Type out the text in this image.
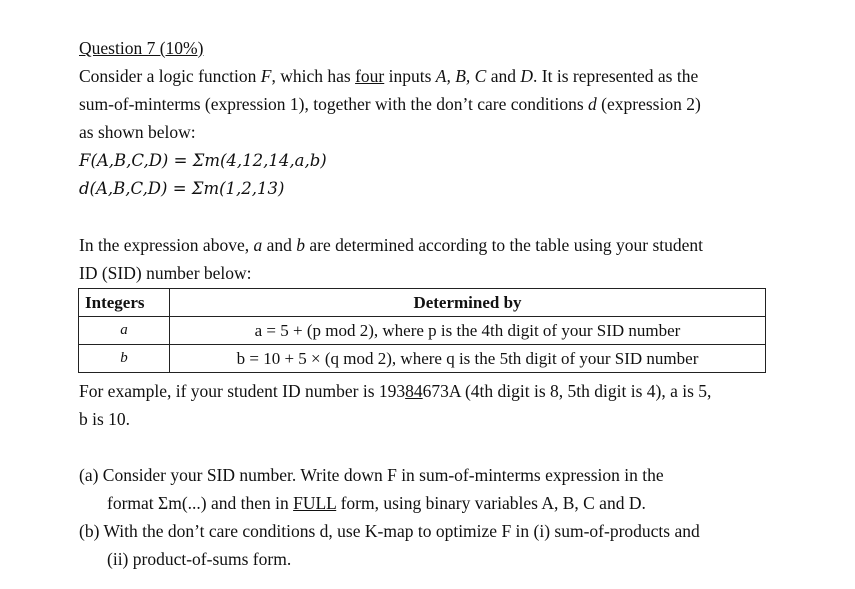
Question 7 (10%)
Consider a logic function F, which has four inputs A, B, C and D. It is represented as the
sum-of-minterms (expression 1), together with the don’t care conditions d (expression 2)
as shown below:
F(A,B,C,D) = Σm(4,12,14,a,b)
d(A,B,C,D) = Σm(1,2,13)
In the expression above, a and b are determined according to the table using your student
ID (SID) number below:
Integers	Determined by
a	a = 5 + (p mod 2), where p is the 4th digit of your SID number
b	b = 10 + 5 × (q mod 2), where q is the 5th digit of your SID number
For example, if your student ID number is 19384673A (4th digit is 8, 5th digit is 4), a is 5,
b is 10.
(a) Consider your SID number. Write down F in sum-of-minterms expression in the
format Σm(...) and then in FULL form, using binary variables A, B, C and D.
(b) With the don’t care conditions d, use K-map to optimize F in (i) sum-of-products and
(ii) product-of-sums form.
